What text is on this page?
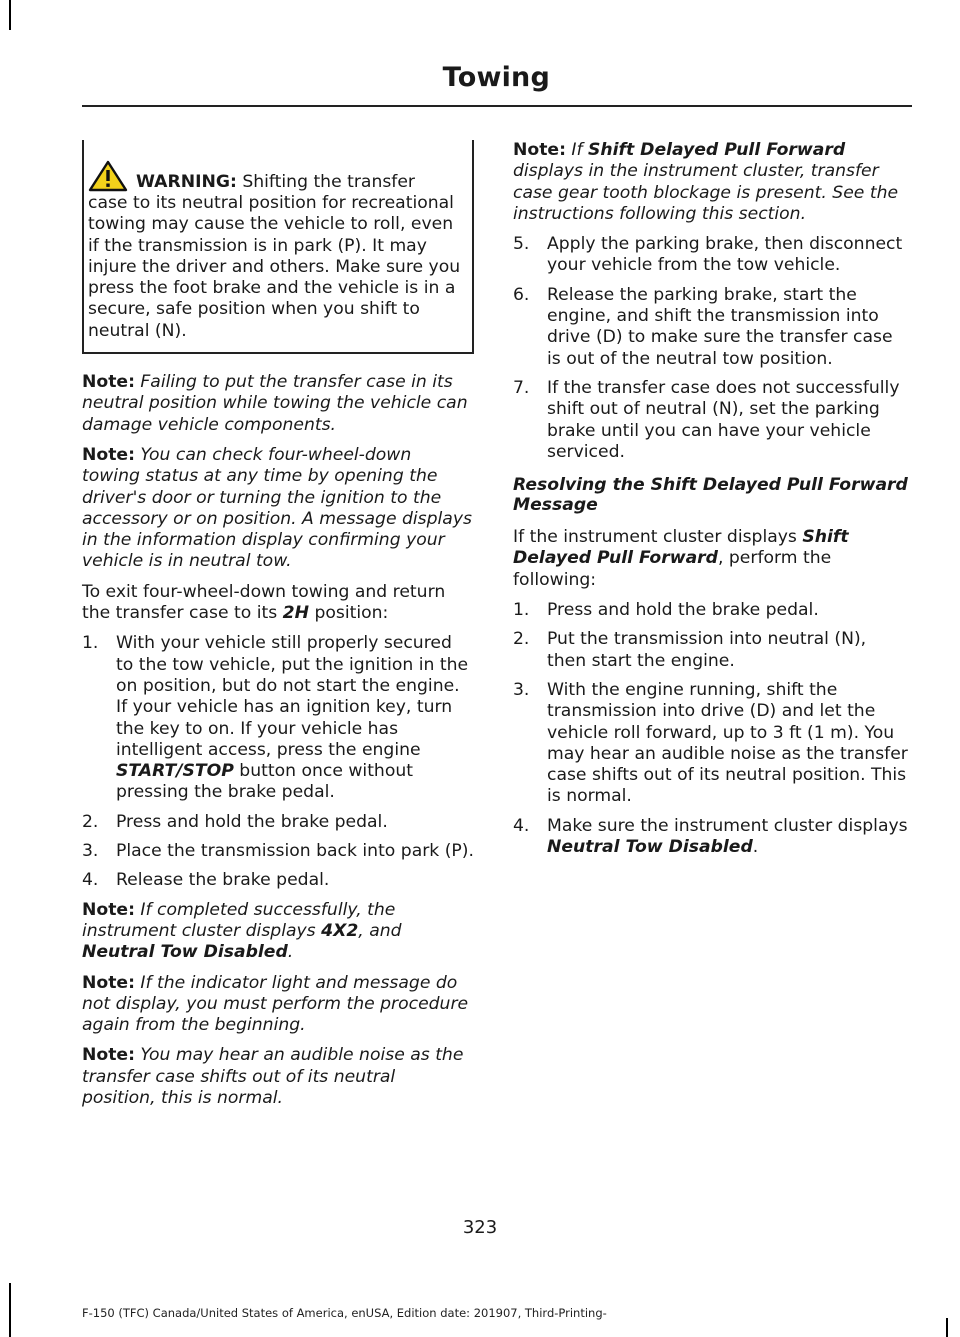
Towing
WARNING: Shifting the transfer
case to its neutral position for recreational towing may cause the vehicle to roll, even if the transmission is in park (P). It may injure the driver and others. Make sure you press the foot brake and the vehicle is in a secure, safe position when you shift to neutral (N).

Note: Failing to put the transfer case in its neutral position while towing the vehicle can damage vehicle components.

Note: You can check four-wheel-down towing status at any time by opening the driver's door or turning the ignition to the accessory or on position. A message displays in the information display confirming your vehicle is in neutral tow.

To exit four-wheel-down towing and return the transfer case to its 2H position:

1. With your vehicle still properly secured to the tow vehicle, put the ignition in the on position, but do not start the engine. If your vehicle has an ignition key, turn the key to on. If your vehicle has intelligent access, press the engine START/STOP button once without pressing the brake pedal.
2. Press and hold the brake pedal.
3. Place the transmission back into park (P).
4. Release the brake pedal.

Note: If completed successfully, the instrument cluster displays 4X2, and Neutral Tow Disabled.

Note: If the indicator light and message do not display, you must perform the procedure again from the beginning.

Note: You may hear an audible noise as the transfer case shifts out of its neutral position, this is normal.

Note: If Shift Delayed Pull Forward displays in the instrument cluster, transfer case gear tooth blockage is present. See the instructions following this section.

5. Apply the parking brake, then disconnect your vehicle from the tow vehicle.
6. Release the parking brake, start the engine, and shift the transmission into drive (D) to make sure the transfer case is out of the neutral tow position.
7. If the transfer case does not successfully shift out of neutral (N), set the parking brake until you can have your vehicle serviced.
Resolving the Shift Delayed Pull Forward Message

If the instrument cluster displays Shift Delayed Pull Forward, perform the following:

1. Press and hold the brake pedal.
2. Put the transmission into neutral (N), then start the engine.
3. With the engine running, shift the transmission into drive (D) and let the vehicle roll forward, up to 3 ft (1 m). You may hear an audible noise as the transfer case shifts out of its neutral position. This is normal.
4. Make sure the instrument cluster displays Neutral Tow Disabled.
323
F-150 (TFC) Canada/United States of America, enUSA, Edition date: 201907, Third-Printing-
